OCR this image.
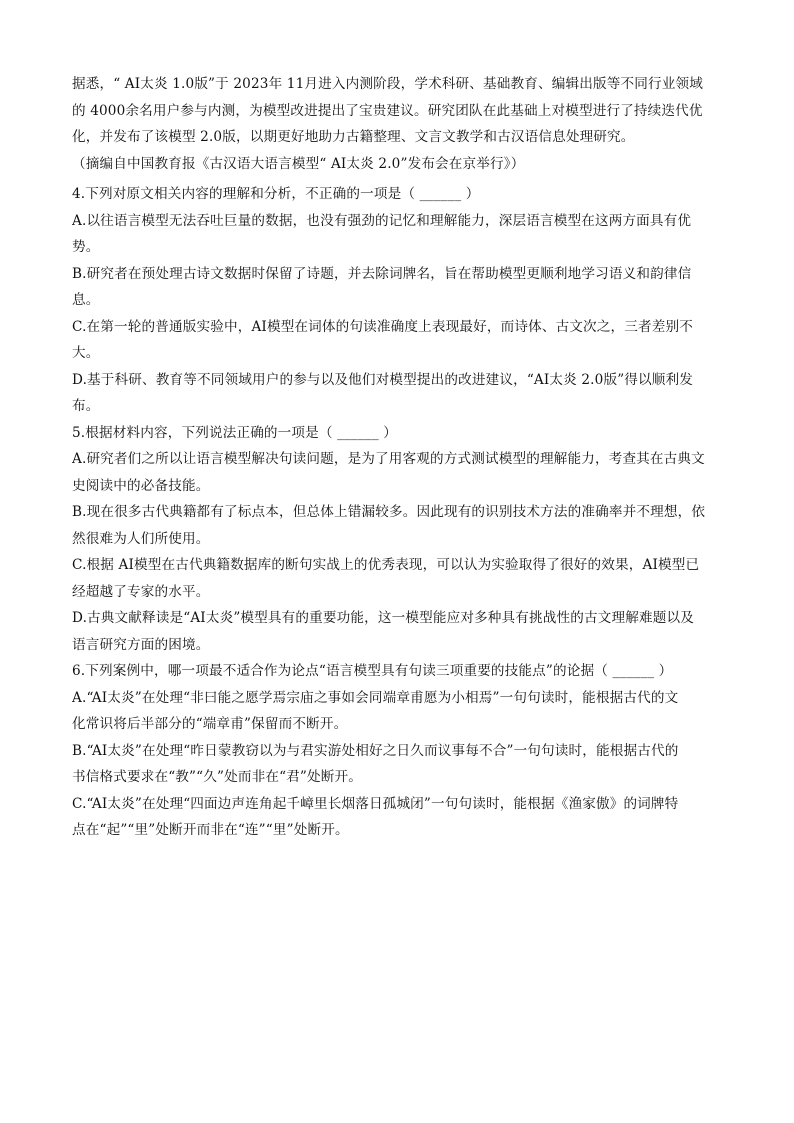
据悉，“ AI太炎 1.0版”于 2023年 11月进入内测阶段，学术科研、基础教育、编辑出版等不同行业领域
的 4000余名用户参与内测，为模型改进提出了宝贵建议。研究团队在此基础上对模型进行了持续迭代优
化，并发布了该模型 2.0版，以期更好地助力古籍整理、文言文教学和古汉语信息处理研究。
（摘编自中国教育报《古汉语大语言模型“ AI太炎 2.0”发布会在京举行》）
4.下列对原文相关内容的理解和分析，不正确的一项是（ ______ ）
A.以往语言模型无法吞吐巨量的数据，也没有强劲的记忆和理解能力，深层语言模型在这两方面具有优
势。
B.研究者在预处理古诗文数据时保留了诗题，并去除词牌名，旨在帮助模型更顺利地学习语义和韵律信
息。
C.在第一轮的普通版实验中，AI模型在词体的句读准确度上表现最好，而诗体、古文次之，三者差别不
大。
D.基于科研、教育等不同领域用户的参与以及他们对模型提出的改进建议，“AI太炎 2.0版”得以顺利发
布。
5.根据材料内容，下列说法正确的一项是（ ______ ）
A.研究者们之所以让语言模型解决句读问题，是为了用客观的方式测试模型的理解能力，考查其在古典文
史阅读中的必备技能。
B.现在很多古代典籍都有了标点本，但总体上错漏较多。因此现有的识别技术方法的准确率并不理想，依
然很难为人们所使用。
C.根据 AI模型在古代典籍数据库的断句实战上的优秀表现，可以认为实验取得了很好的效果，AI模型已
经超越了专家的水平。
D.古典文献释读是“AI太炎”模型具有的重要功能，这一模型能应对多种具有挑战性的古文理解难题以及
语言研究方面的困境。
6.下列案例中，哪一项最不适合作为论点“语言模型具有句读三项重要的技能点”的论据（ ______ ）
A.“AI太炎”在处理“非曰能之愿学焉宗庙之事如会同端章甫愿为小相焉”一句句读时，能根据古代的文
化常识将后半部分的“端章甫”保留而不断开。
B.“AI太炎”在处理“昨日蒙教窃以为与君实游处相好之日久而议事每不合”一句句读时，能根据古代的
书信格式要求在“教”“久”处而非在“君”处断开。
C.“AI太炎”在处理“四面边声连角起千嶂里长烟落日孤城闭”一句句读时，能根据《渔家傲》的词牌特
点在“起”“里”处断开而非在“连”“里”处断开。
